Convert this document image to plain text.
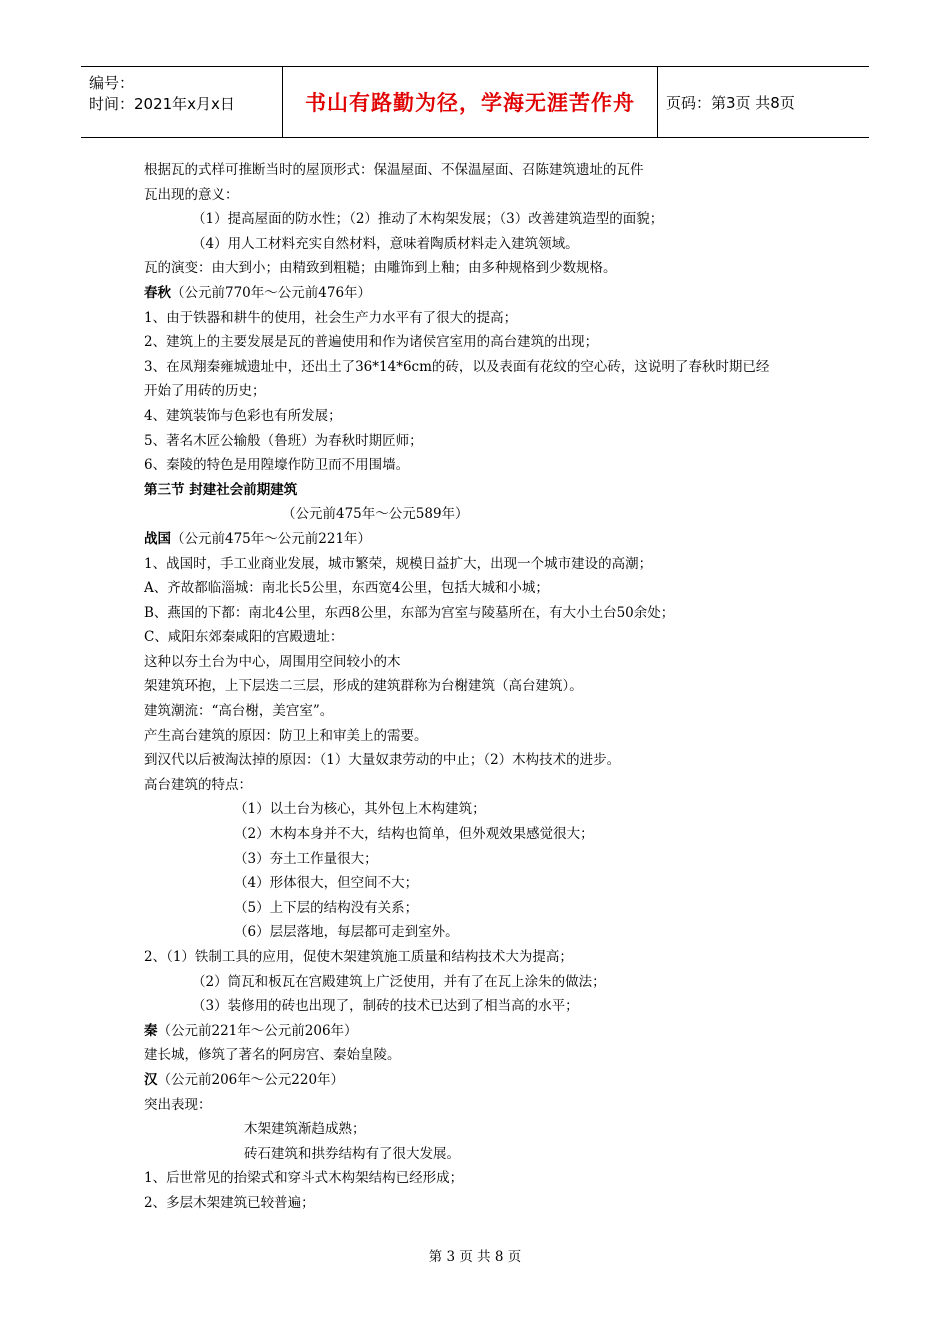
编号：
时间：2021年x月x日	书山有路勤为径，学海无涯苦作舟 页码：第3页 共8页
根据瓦的式样可推断当时的屋顶形式：保温屋面、不保温屋面、召陈建筑遗址的瓦件
瓦出现的意义：
（1）提高屋面的防水性；（2）推动了木构架发展；（3）改善建筑造型的面貌；
（4）用人工材料充实自然材料，意味着陶质材料走入建筑领域。
瓦的演变：由大到小；由精致到粗糙；由雕饰到上釉；由多种规格到少数规格。
春秋（公元前770年～公元前476年）
1、由于铁器和耕牛的使用，社会生产力水平有了很大的提高；
2、建筑上的主要发展是瓦的普遍使用和作为诸侯宫室用的高台建筑的出现；
3、在凤翔秦雍城遗址中，还出土了36*14*6cm的砖，以及表面有花纹的空心砖，这说明了春秋时期已经
开始了用砖的历史；
4、建筑装饰与色彩也有所发展；
5、著名木匠公输般（鲁班）为春秋时期匠师；
6、秦陵的特色是用隍壕作防卫而不用围墙。
第三节 封建社会前期建筑
（公元前475年～公元589年）
战国（公元前475年～公元前221年）
1、战国时，手工业商业发展，城市繁荣，规模日益扩大，出现一个城市建设的高潮；
A、齐故都临淄城：南北长5公里，东西宽4公里，包括大城和小城；
B、燕国的下都：南北4公里，东西8公里，东部为宫室与陵墓所在，有大小土台50余处；
C、咸阳东郊秦咸阳的宫殿遗址：
这种以夯土台为中心，周围用空间较小的木
架建筑环抱，上下层迭二三层，形成的建筑群称为台榭建筑（高台建筑）。
建筑潮流：“高台榭，美宫室”。
产生高台建筑的原因：防卫上和审美上的需要。
到汉代以后被淘汰掉的原因：（1）大量奴隶劳动的中止；（2）木构技术的进步。
高台建筑的特点：
（1）以土台为核心，其外包上木构建筑；
（2）木构本身并不大，结构也简单，但外观效果感觉很大；
（3）夯土工作量很大；
（4）形体很大，但空间不大；
（5）上下层的结构没有关系；
（6）层层落地，每层都可走到室外。
2、（1）铁制工具的应用，促使木架建筑施工质量和结构技术大为提高；
（2）筒瓦和板瓦在宫殿建筑上广泛使用，并有了在瓦上涂朱的做法；
（3）装修用的砖也出现了，制砖的技术已达到了相当高的水平；
秦（公元前221年～公元前206年）
建长城，修筑了著名的阿房宫、秦始皇陵。
汉（公元前206年～公元220年）
突出表现：
木架建筑渐趋成熟；
砖石建筑和拱券结构有了很大发展。
1、后世常见的抬梁式和穿斗式木构架结构已经形成；
2、多层木架建筑已较普遍；
第 3 页 共 8 页
